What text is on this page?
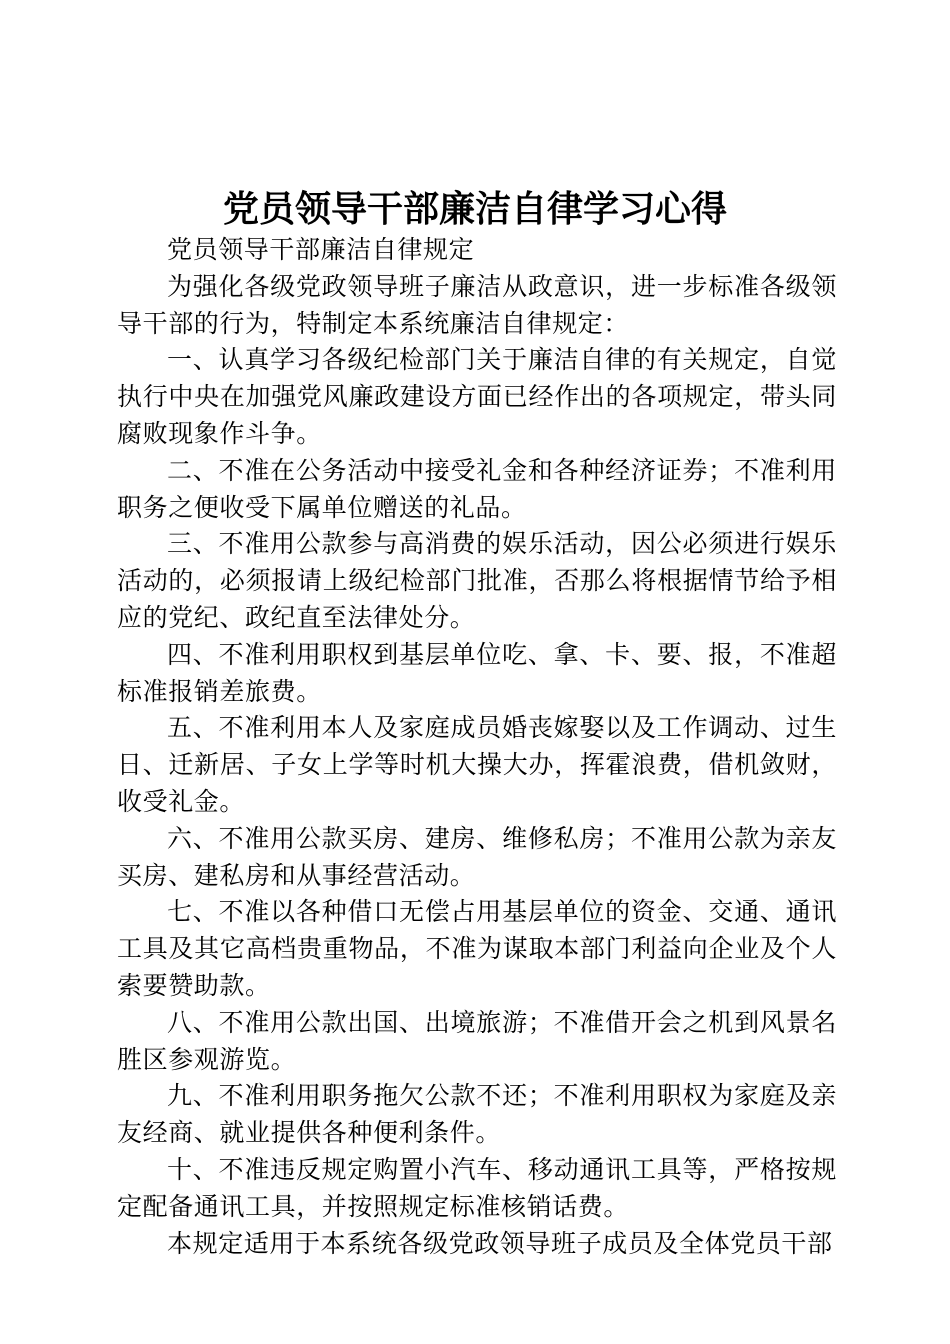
党员领导干部廉洁自律学习心得

党员领导干部廉洁自律规定

为强化各级党政领导班子廉洁从政意识，进一步标准各级领导干部的行为，特制定本系统廉洁自律规定：

一、认真学习各级纪检部门关于廉洁自律的有关规定，自觉执行中央在加强党风廉政建设方面已经作出的各项规定，带头同腐败现象作斗争。

二、不准在公务活动中接受礼金和各种经济证券；不准利用职务之便收受下属单位赠送的礼品。

三、不准用公款参与高消费的娱乐活动，因公必须进行娱乐活动的，必须报请上级纪检部门批准，否那么将根据情节给予相应的党纪、政纪直至法律处分。

四、不准利用职权到基层单位吃、拿、卡、要、报，不准超标准报销差旅费。

五、不准利用本人及家庭成员婚丧嫁娶以及工作调动、过生日、迁新居、子女上学等时机大操大办，挥霍浪费，借机敛财，收受礼金。

六、不准用公款买房、建房、维修私房；不准用公款为亲友买房、建私房和从事经营活动。

七、不准以各种借口无偿占用基层单位的资金、交通、通讯工具及其它高档贵重物品，不准为谋取本部门利益向企业及个人索要赞助款。

八、不准用公款出国、出境旅游；不准借开会之机到风景名胜区参观游览。

九、不准利用职务拖欠公款不还；不准利用职权为家庭及亲友经商、就业提供各种便利条件。

十、不准违反规定购置小汽车、移动通讯工具等，严格按规定配备通讯工具，并按照规定标准核销话费。

本规定适用于本系统各级党政领导班子成员及全体党员干部
